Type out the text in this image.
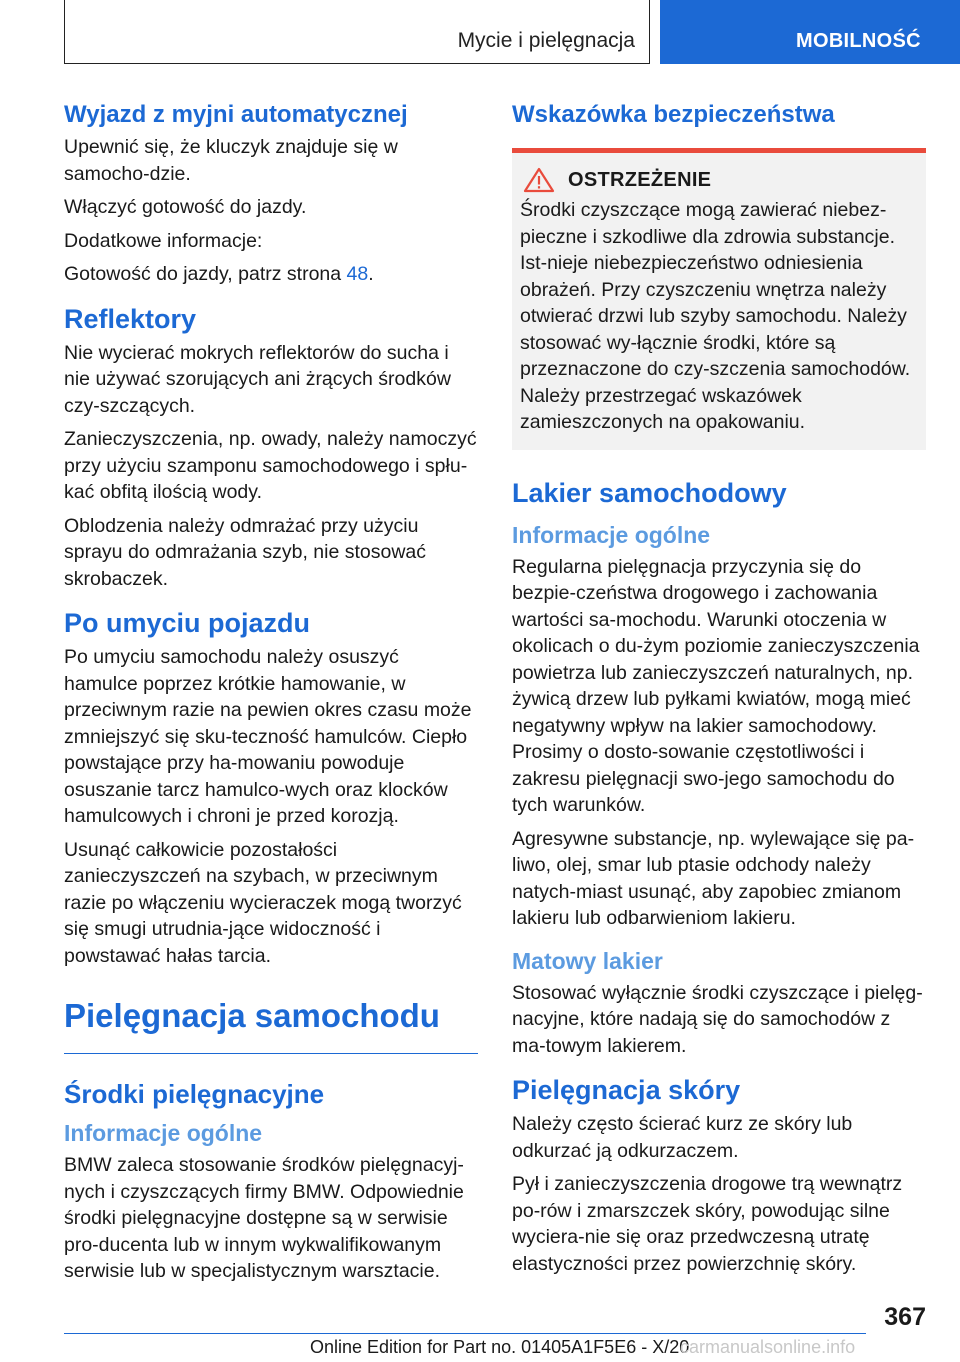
Mycie i pielęgnacja	MOBILNOŚĆ
Wyjazd z myjni automatycznej

Upewnić się, że kluczyk znajduje się w samocho‐dzie.

Włączyć gotowość do jazdy.

Dodatkowe informacje:

Gotowość do jazdy, patrz strona 48.

Reflektory

Nie wycierać mokrych reflektorów do sucha i nie używać szorujących ani żrących środków czy‐szczących.

Zanieczyszczenia, np. owady, należy namoczyć przy użyciu szamponu samochodowego i spłu‐kać obfitą ilością wody.

Oblodzenia należy odmrażać przy użyciu sprayu do odmrażania szyb, nie stosować skrobaczek.

Po umyciu pojazdu

Po umyciu samochodu należy osuszyć hamulce poprzez krótkie hamowanie, w przeciwnym razie na pewien okres czasu może zmniejszyć się sku‐teczność hamulców. Ciepło powstające przy ha‐mowaniu powoduje osuszanie tarcz hamulco‐wych oraz klocków hamulcowych i chroni je przed korozją.

Usunąć całkowicie pozostałości zanieczyszczeń na szybach, w przeciwnym razie po włączeniu wycieraczek mogą tworzyć się smugi utrudnia‐jące widoczność i powstawać hałas tarcia.

Pielęgnacja samochodu
Środki pielęgnacyjne
Informacje ogólne

BMW zaleca stosowanie środków pielęgnacyj‐nych i czyszczących firmy BMW. Odpowiednie środki pielęgnacyjne dostępne są w serwisie pro‐ducenta lub w innym wykwalifikowanym serwisie lub w specjalistycznym warsztacie.

Wskazówka bezpieczeństwa
OSTRZEŻENIE

Środki czyszczące mogą zawierać niebez‐pieczne i szkodliwe dla zdrowia substancje. Ist‐nieje niebezpieczeństwo odniesienia obrażeń. Przy czyszczeniu wnętrza należy otwierać drzwi lub szyby samochodu. Należy stosować wy‐łącznie środki, które są przeznaczone do czy‐szczenia samochodów. Należy przestrzegać wskazówek zamieszczonych na opakowaniu.

Lakier samochodowy
Informacje ogólne

Regularna pielęgnacja przyczynia się do bezpie‐czeństwa drogowego i zachowania wartości sa‐mochodu. Warunki otoczenia w okolicach o du‐żym poziomie zanieczyszczenia powietrza lub zanieczyszczeń naturalnych, np. żywicą drzew lub pyłkami kwiatów, mogą mieć negatywny wpływ na lakier samochodowy. Prosimy o dosto‐sowanie częstotliwości i zakresu pielęgnacji swo‐jego samochodu do tych warunków.

Agresywne substancje, np. wylewające się pa‐liwo, olej, smar lub ptasie odchody należy natych‐miast usunąć, aby zapobiec zmianom lakieru lub odbarwieniom lakieru.

Matowy lakier

Stosować wyłącznie środki czyszczące i pielęg‐nacyjne, które nadają się do samochodów z ma‐towym lakierem.

Pielęgnacja skóry

Należy często ścierać kurz ze skóry lub odkurzać ją odkurzaczem.

Pył i zanieczyszczenia drogowe trą wewnątrz po‐rów i zmarszczek skóry, powodując silne wyciera‐nie się oraz przedwczesną utratę elastyczności przez powierzchnię skóry.

367
Online Edition for Part no. 01405A1F5E6 - X/20
carmanualsonline.info
